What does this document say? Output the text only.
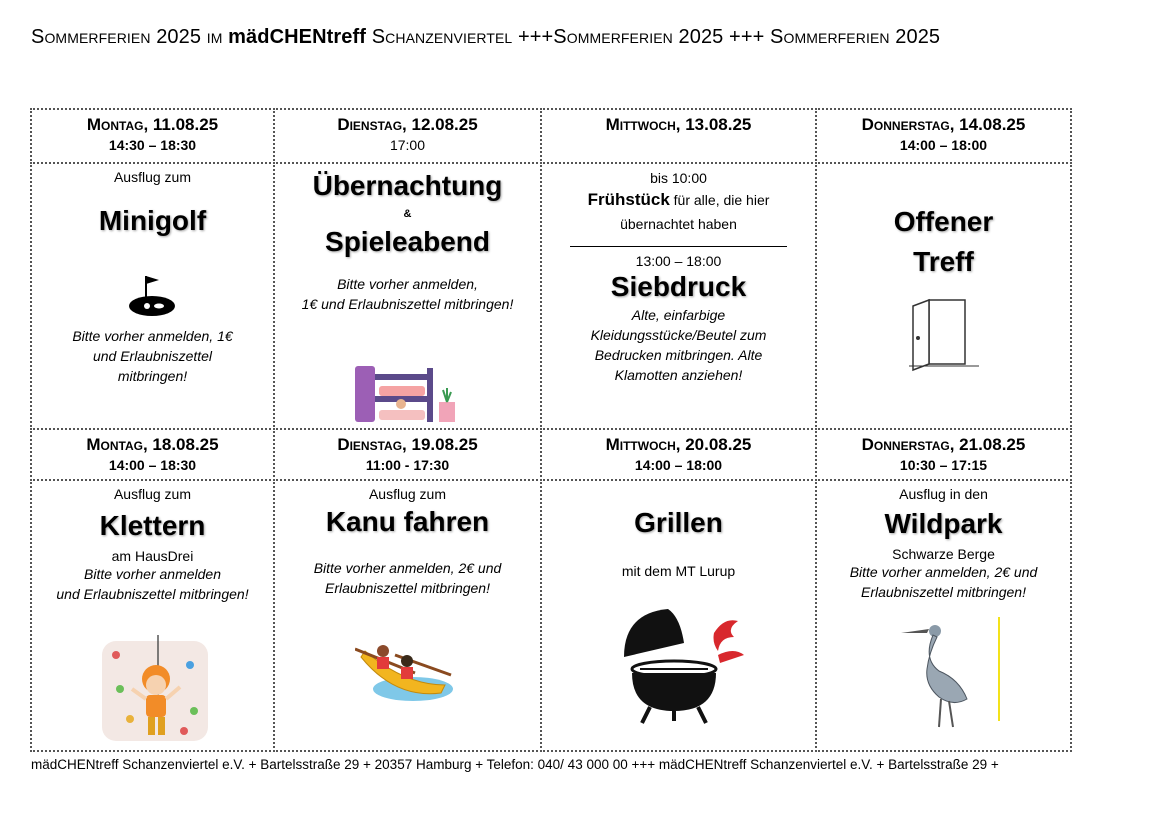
Sommerferien 2025 im mädCHENtreff Schanzenviertel +++Sommerferien 2025 +++ Sommerferien 2025
Montag, 11.08.25
14:30 – 18:30
Dienstag, 12.08.25
17:00
Mittwoch, 13.08.25	Donnerstag, 14.08.25
14:00 – 18:00
Ausflug zum
Minigolf
Bitte vorher anmelden, 1€ und Erlaubniszettel mitbringen!
Übernachtung
&
Spieleabend
Bitte vorher anmelden,
1€ und Erlaubniszettel mitbringen!
bis 10:00
Frühstück für alle, die hier übernachtet haben
13:00 – 18:00
Siebdruck
Alte, einfarbige Kleidungsstücke/Beutel zum Bedrucken mitbringen. Alte Klamotten anziehen!
Offener
Treff
Montag, 18.08.25
14:00 – 18:30
Dienstag, 19.08.25
11:00 - 17:30
Mittwoch, 20.08.25
14:00 – 18:00
Donnerstag, 21.08.25
10:30 – 17:15
Ausflug zum
Klettern
am HausDrei
Bitte vorher anmelden
und Erlaubniszettel mitbringen!
Ausflug zum
Kanu fahren
Bitte vorher anmelden, 2€ und
Erlaubniszettel mitbringen!
Grillen
mit dem MT Lurup
Ausflug in den
Wildpark
Schwarze Berge
Bitte vorher anmelden, 2€ und
Erlaubniszettel mitbringen!
mädCHENtreff Schanzenviertel e.V. + Bartelsstraße 29 + 20357 Hamburg + Telefon: 040/ 43 000 00 +++ mädCHENtreff Schanzenviertel e.V. + Bartelsstraße 29 +
